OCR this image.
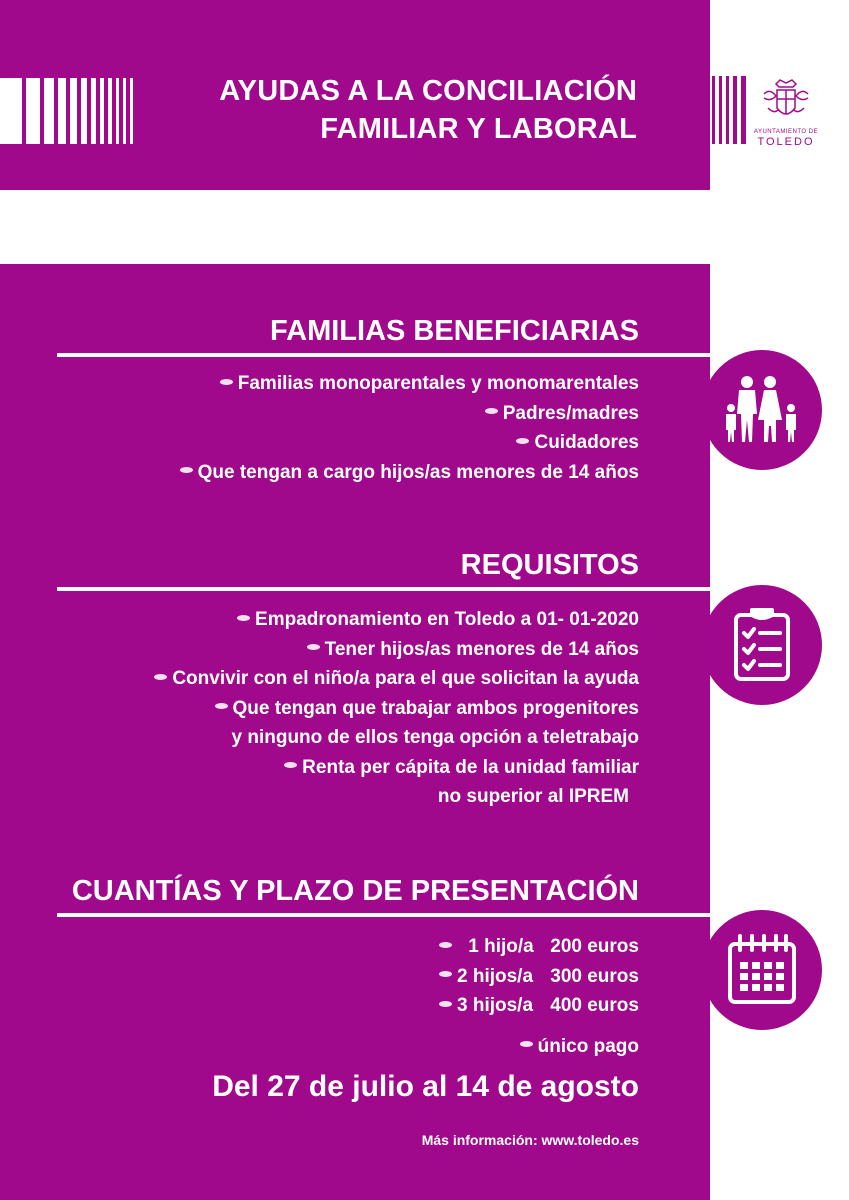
AYUDAS A LA CONCILIACIÓN
FAMILIAR Y LABORAL	AYUNTAMIENTO DE
TOLEDO
FAMILIAS BENEFICIARIAS
Familias monoparentales y monomarentales
Padres/madres
Cuidadores
Que tengan a cargo hijos/as menores de 14 años
REQUISITOS
Empadronamiento en Toledo a 01- 01-2020
Tener hijos/as menores de 14 años
Convivir con el niño/a para el que solicitan la ayuda
Que tengan que trabajar ambos progenitores
y ninguno de ellos tenga opción a teletrabajo
Renta per cápita de la unidad familiar
no superior al IPREM
CUANTÍAS Y PLAZO DE PRESENTACIÓN
1 hijo/a 200 euros
2 hijos/a 300 euros
3 hijos/a 400 euros
único pago
Del 27 de julio al 14 de agosto
Más información: www.toledo.es
